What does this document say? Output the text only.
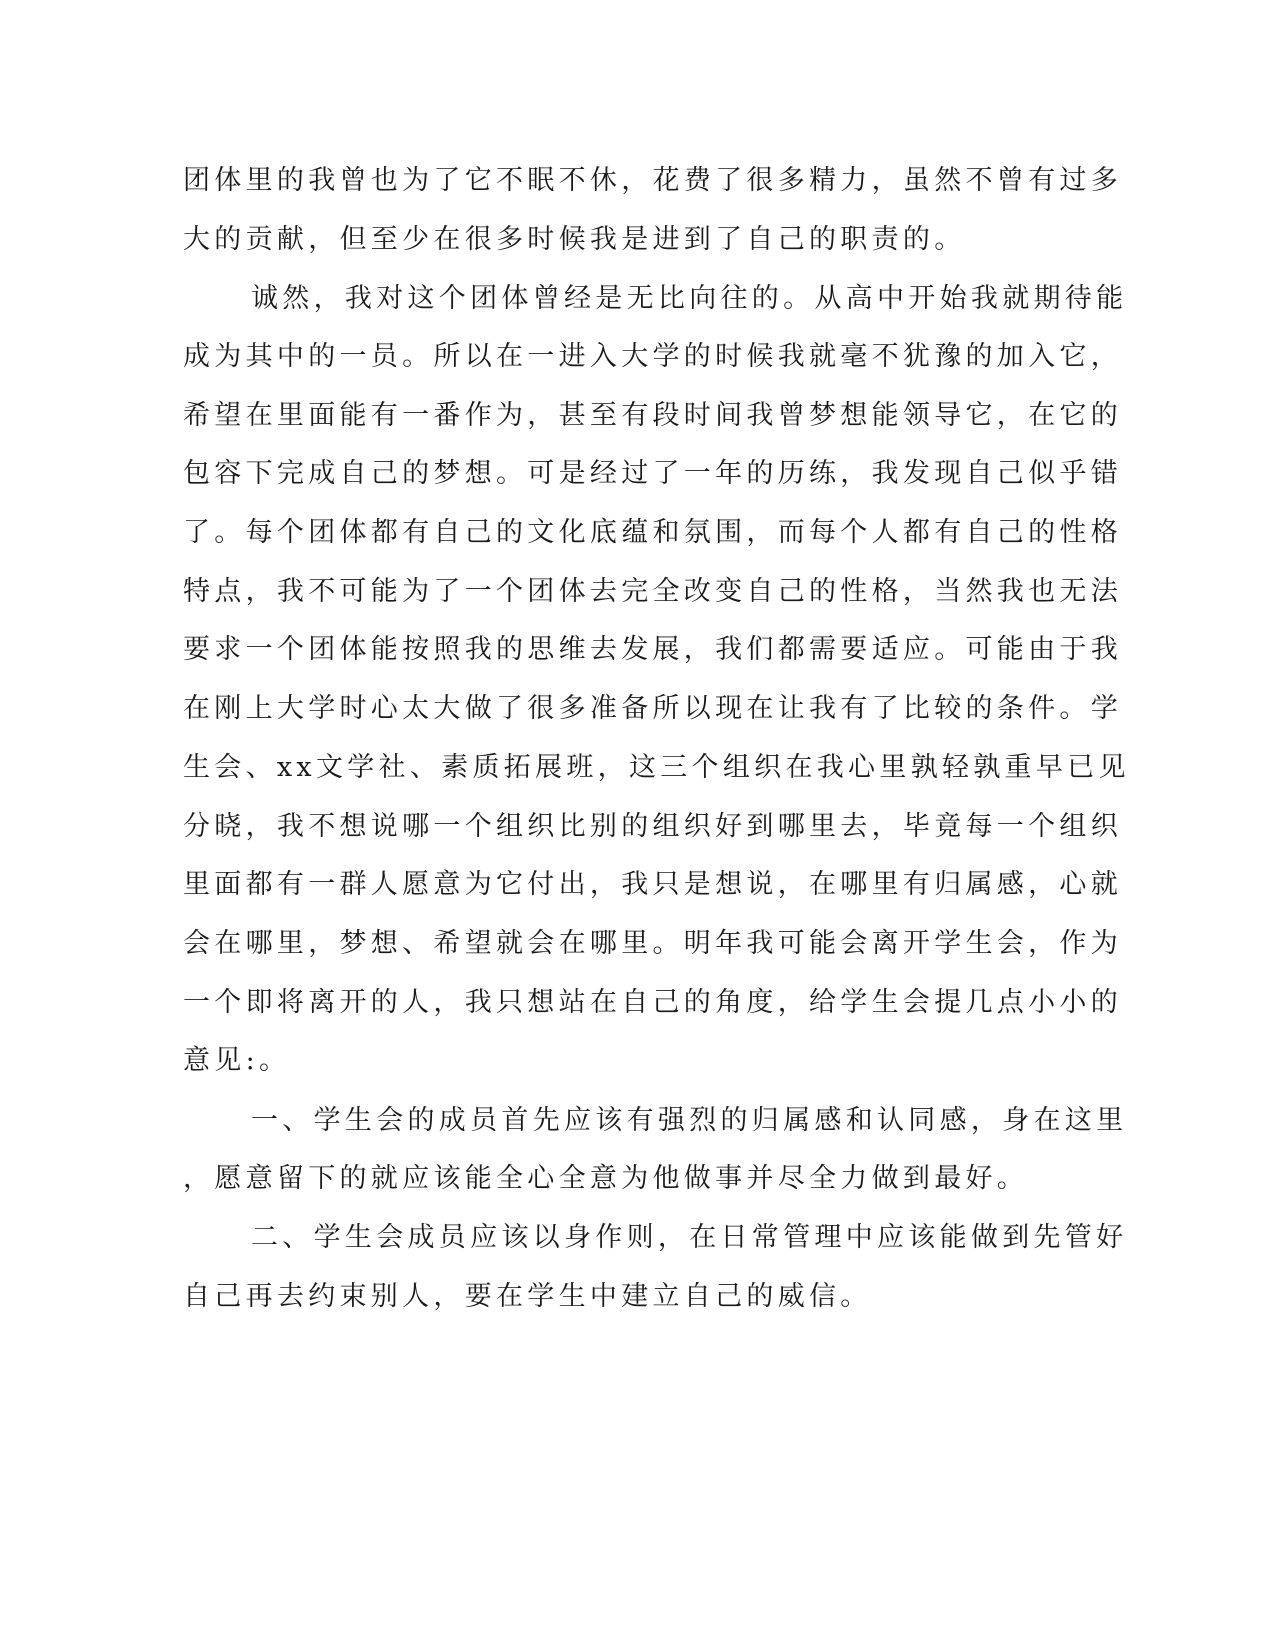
团体里的我曾也为了它不眠不休，花费了很多精力，虽然不曾有过多
大的贡献，但至少在很多时候我是进到了自己的职责的。
诚然，我对这个团体曾经是无比向往的。从高中开始我就期待能
成为其中的一员。所以在一进入大学的时候我就毫不犹豫的加入它，
希望在里面能有一番作为，甚至有段时间我曾梦想能领导它，在它的
包容下完成自己的梦想。可是经过了一年的历练，我发现自己似乎错
了。每个团体都有自己的文化底蕴和氛围，而每个人都有自己的性格
特点，我不可能为了一个团体去完全改变自己的性格，当然我也无法
要求一个团体能按照我的思维去发展，我们都需要适应。可能由于我
在刚上大学时心太大做了很多准备所以现在让我有了比较的条件。学
生会、xx文学社、素质拓展班，这三个组织在我心里孰轻孰重早已见
分晓，我不想说哪一个组织比别的组织好到哪里去，毕竟每一个组织
里面都有一群人愿意为它付出，我只是想说，在哪里有归属感，心就
会在哪里，梦想、希望就会在哪里。明年我可能会离开学生会，作为
一个即将离开的人，我只想站在自己的角度，给学生会提几点小小的
意见:。
一、学生会的成员首先应该有强烈的归属感和认同感，身在这里
，愿意留下的就应该能全心全意为他做事并尽全力做到最好。
二、学生会成员应该以身作则，在日常管理中应该能做到先管好
自己再去约束别人，要在学生中建立自己的威信。
